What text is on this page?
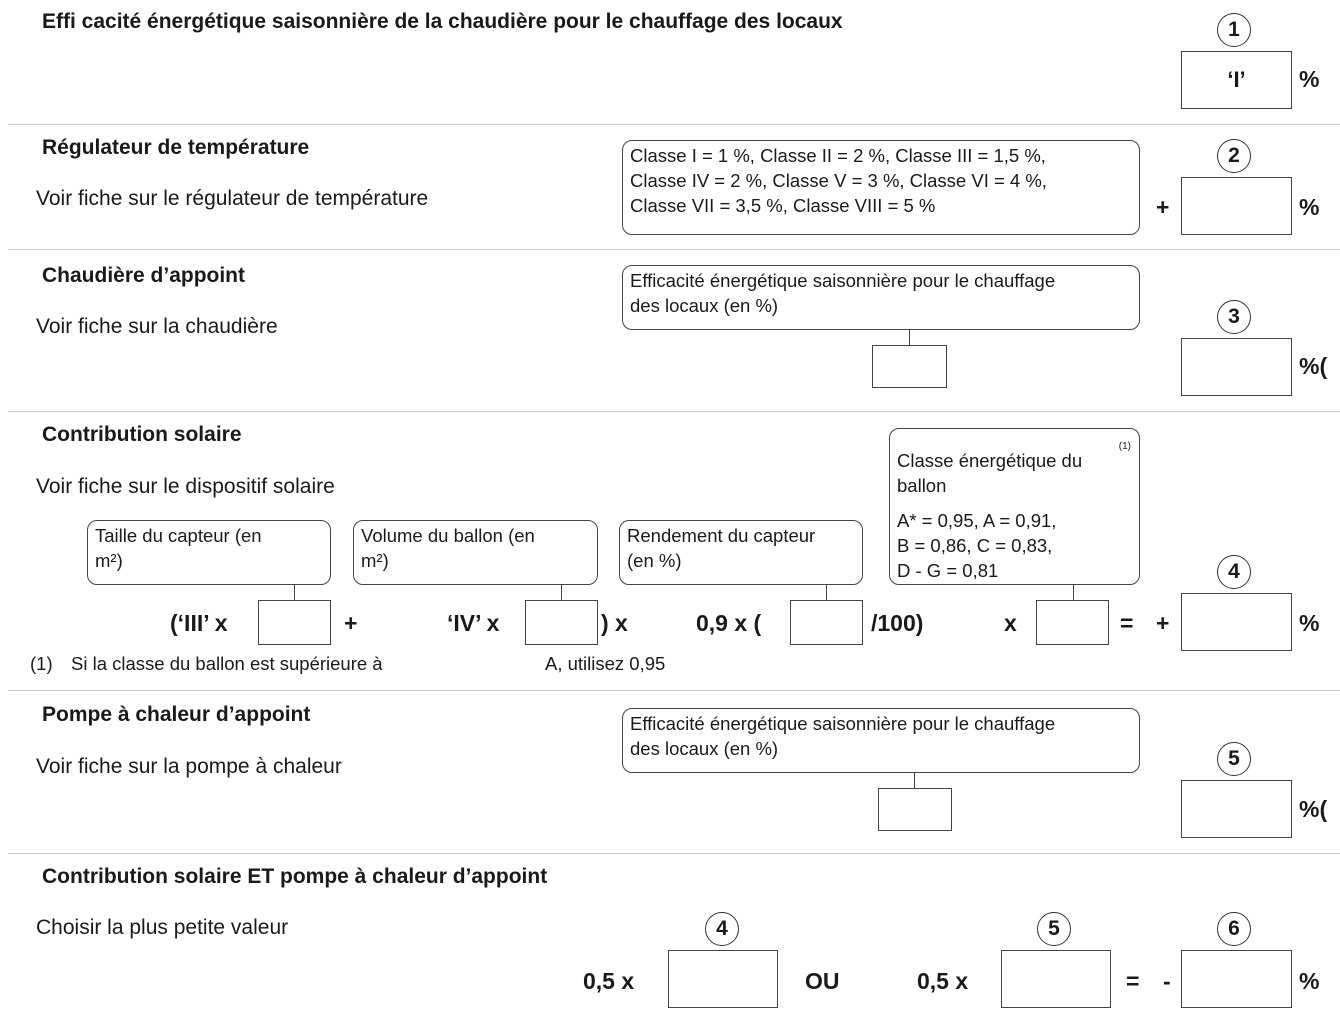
Effi cacité énergétique saisonnière de la chaudière pour le chauffage des locaux	1
‘I’	%
Régulateur de température
Voir fiche sur le régulateur de température
Classe I = 1 %, Classe II = 2 %, Classe III = 1,5 %,
Classe IV = 2 %, Classe V = 3 %, Classe VI = 4 %,
Classe VII = 3,5 %, Classe VIII = 5 %	+
2
%
Chaudière d’appoint
Voir fiche sur la chaudière
Efficacité énergétique saisonnière pour le chauffage
des locaux (en %)	3
%(
Contribution solaire
Voir fiche sur le dispositif solaire
Classe énergétique du
ballon
A* = 0,95, A = 0,91,
B = 0,86, C = 0,83,
D - G = 0,81
(1)
Taille du capteur (en
m²)
Volume du ballon (en
m²)
Rendement du capteur
(en %)
(‘III’ x	+	‘IV’ x	) x	0,9 x (	/100)	x	= +
4
%
(1) Si la classe du ballon est supérieure à	A, utilisez 0,95
Pompe à chaleur d’appoint
Voir fiche sur la pompe à chaleur
Efficacité énergétique saisonnière pour le chauffage
des locaux (en %)	5
%(
Contribution solaire ET pompe à chaleur d’appoint
Choisir la plus petite valeur	4
0,5 x	OU
5
0,5 x	= -
6
%
